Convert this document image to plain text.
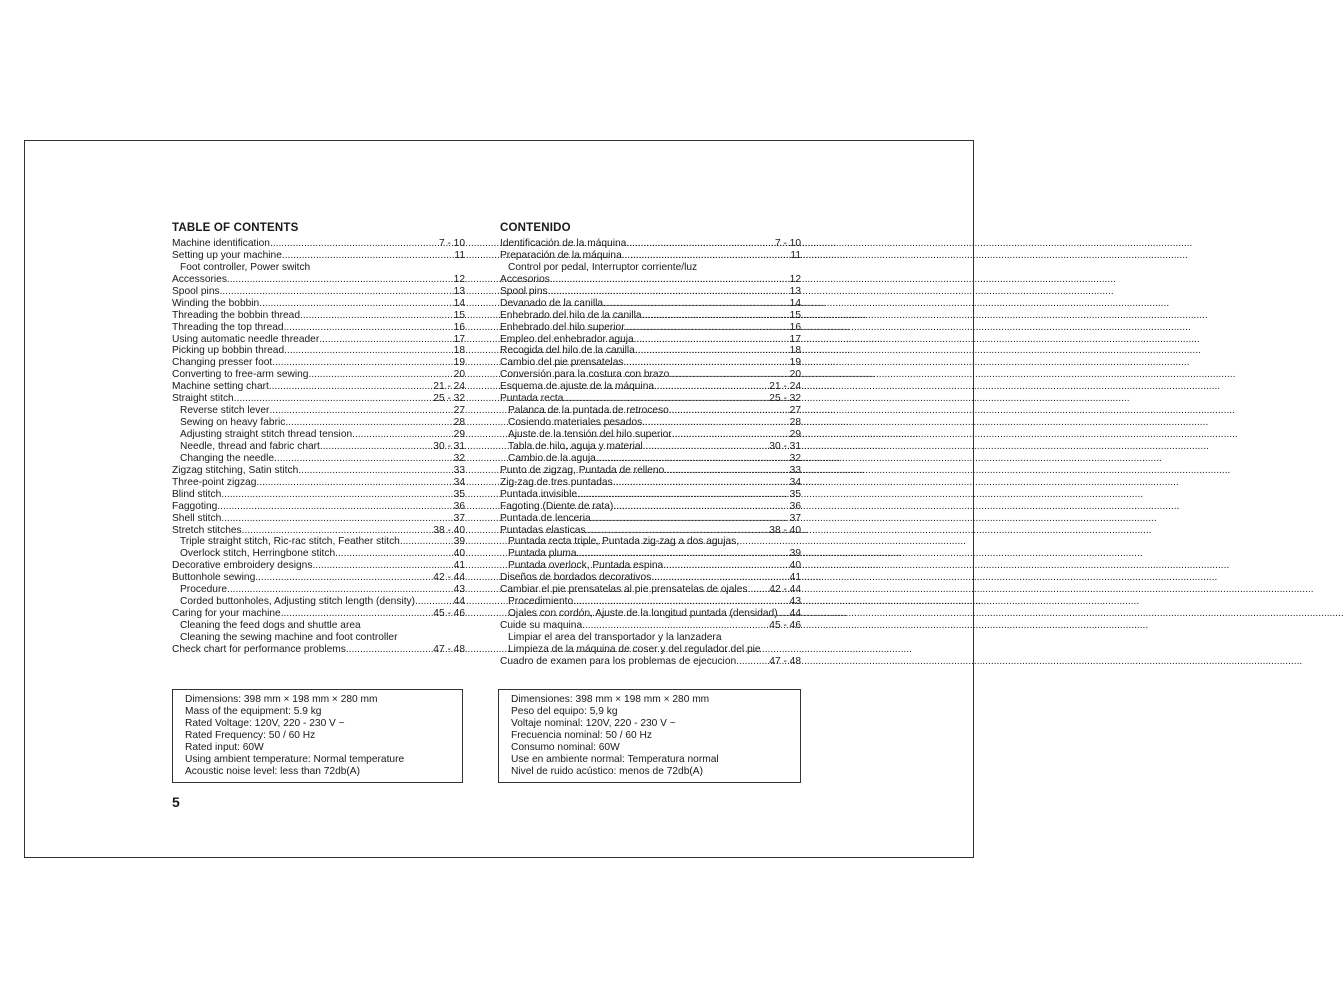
TABLE OF CONTENTS
Machine identification .....	7 - 10
Setting up your machine .....	11
Foot controller, Power switch
Accessories .....	12
Spool pins .....	13
Winding the bobbin .....	14
Threading the bobbin thread .....	15
Threading the top thread .....	16
Using automatic needle threader .....	17
Picking up bobbin thread .....	18
Changing presser foot .....	19
Converting to free-arm sewing .....	20
Machine setting chart .....	21 - 24
Straight stitch .....	25 - 32
Reverse stitch lever .....	27
Sewing on heavy fabric .....	28
Adjusting straight stitch thread tension .....	29
Needle, thread and fabric chart .....	30 - 31
Changing the needle .....	32
Zigzag stitching, Satin stitch .....	33
Three-point zigzag .....	34
Blind stitch .....	35
Faggoting .....	36
Shell stitch .....	37
Stretch stitches .....	38 - 40
Triple straight stitch, Ric-rac stitch, Feather stitch .....	39
Overlock stitch, Herringbone stitch .....	40
Decorative embroidery designs .....	41
Buttonhole sewing .....	42 - 44
Procedure .....	43
Corded buttonholes, Adjusting stitch length (density) .....	44
Caring for your machine .....	45 - 46
Cleaning the feed dogs and shuttle area
Cleaning the sewing machine and foot controller
Check chart for performance problems .....	47 - 48
CONTENIDO
Identificación de la máquina .....	7 - 10
Preparación de la máquina .....	11
Control por pedal, Interruptor corriente/luz
Accesorios .....	12
Spool pins .....	13
Devanado de la canilla .....	14
Enhebrado del hilo de la canilla .....	15
Enhebrado del hilo superior .....	16
Empleo del enhebrador aguja .....	17
Recogida del hilo de la canilla .....	18
Cambio del pie prensatelas .....	19
Conversión para la costura con brazo .....	20
Esquema de ajuste de la máquina .....	21 - 24
Puntada recta .....	25 - 32
Palanca de la puntada de retroceso .....	27
Cosiendo materiales pesados .....	28
Ajuste de la tensión del hilo superior .....	29
Tabla de hilo, aguja y material .....	30 - 31
Cambio de la aguja .....	32
Punto de zigzag, Puntada de relleno .....	33
Zig-zag de tres puntadas .....	34
Puntada invisible .....	35
Fagoting (Diente de rata) .....	36
Puntada de lenceria .....	37
Puntadas elasticas .....	38 - 40
Puntada recta triple, Puntada zig-zag a dos agujas,
Puntada pluma .....	39
Puntada overlock, Puntada espina .....	40
Diseños de bordados decorativos .....	41
Cambiar el pie prensatelas al pie prensatelas de ojales ..... 42 - 44
Procedimiento .....	43
Ojales con cordón, Ajuste de la longitud puntada (densidad) ..... 44
Cuide su maquina .....	45 - 46
Limpiar el area del transportador y la lanzadera
Limpieza de la máquina de coser y del regulador del pie
Cuadro de examen para los problemas de ejecucion .....	47 - 48
Dimensions: 398 mm × 198 mm × 280 mm
Mass of the equipment: 5.9 kg
Rated Voltage: 120V, 220 - 230 V ~
Rated Frequency: 50 / 60 Hz
Rated input: 60W
Using ambient temperature: Normal temperature
Acoustic noise level: less than 72db(A)
Dimensiones: 398 mm × 198 mm × 280 mm
Peso del equipo: 5,9 kg
Voltaje nominal: 120V, 220 - 230 V ~
Frecuencia nominal: 50 / 60 Hz
Consumo nominal: 60W
Use en ambiente normal: Temperatura normal
Nivel de ruido acústico: menos de 72db(A)
5
